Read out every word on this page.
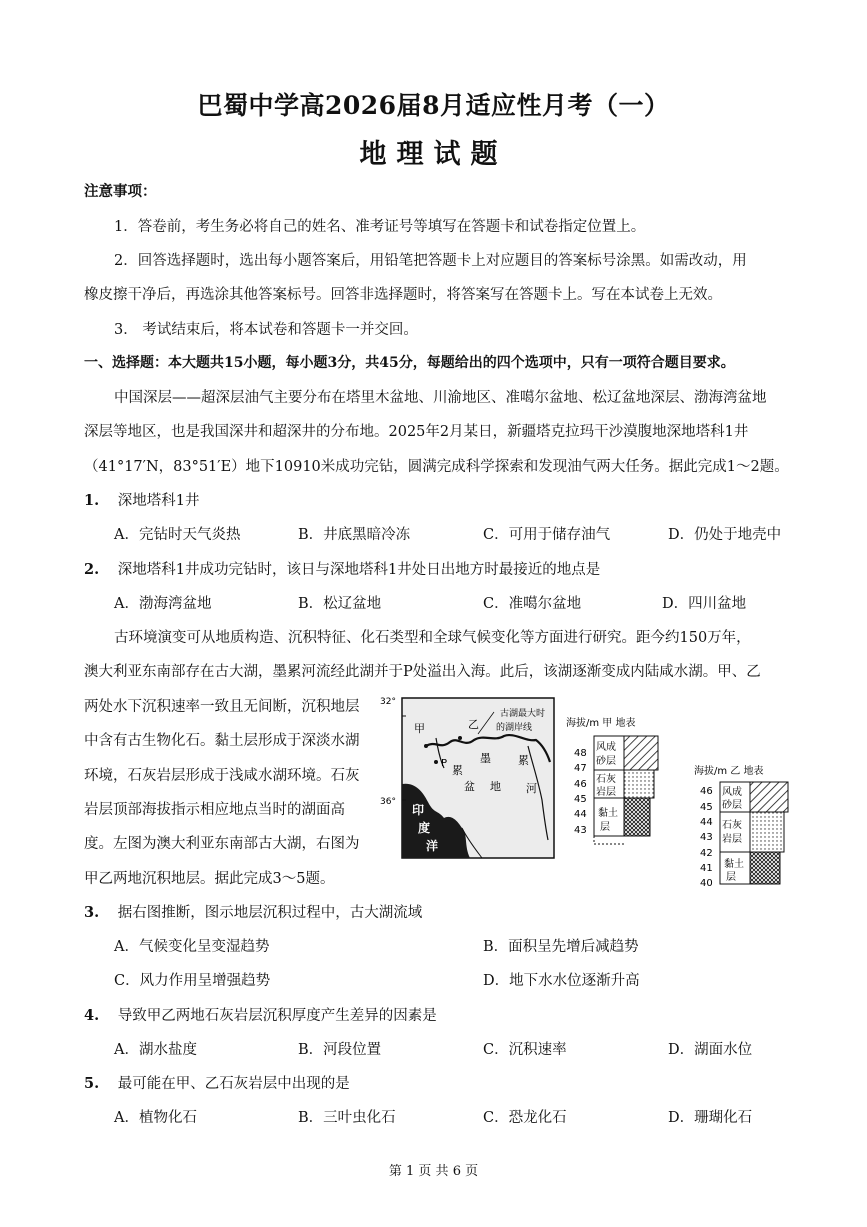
巴蜀中学高2026届8月适应性月考（一）
地理试题
注意事项：
1．答卷前，考生务必将自己的姓名、准考证号等填写在答题卡和试卷指定位置上。
2．回答选择题时，选出每小题答案后，用铅笔把答题卡上对应题目的答案标号涂黑。如需改动，用
橡皮擦干净后，再选涂其他答案标号。回答非选择题时，将答案写在答题卡上。写在本试卷上无效。
3． 考试结束后，将本试卷和答题卡一并交回。
一、选择题：本大题共15小题，每小题3分，共45分，每题给出的四个选项中，只有一项符合题目要求。
中国深层——超深层油气主要分布在塔里木盆地、川渝地区、准噶尔盆地、松辽盆地深层、渤海湾盆地
深层等地区，也是我国深井和超深井的分布地。2025年2月某日，新疆塔克拉玛干沙漠腹地深地塔科1井
（41°17′N，83°51′E）地下10910米成功完钻，圆满完成科学探索和发现油气两大任务。据此完成1～2题。
1. 深地塔科1井
A．完钻时天气炎热	B．井底黑暗冷冻	C．可用于储存油气	D．仍处于地壳中
2. 深地塔科1井成功完钻时，该日与深地塔科1井处日出地方时最接近的地点是
A．渤海湾盆地	B．松辽盆地	C．准噶尔盆地	D．四川盆地
古环境演变可从地质构造、沉积特征、化石类型和全球气候变化等方面进行研究。距今约150万年，
澳大利亚东南部存在古大湖，墨累河流经此湖并于P处溢出入海。此后，该湖逐渐变成内陆咸水湖。甲、乙
两处水下沉积速率一致且无间断，沉积地层
中含有古生物化石。黏土层形成于深淡水湖
环境，石灰岩层形成于浅咸水湖环境。石灰
岩层顶部海拔指示相应地点当时的湖面高
度。左图为澳大利亚东南部古大湖，右图为
甲乙两地沉积地层。据此完成3～5题。
32°
36°
甲	乙
P
古湖最大时
的湖岸线
墨 累
河
累
盆 地
印
度
洋
海拔/m 甲 地表
48
47
46
45
44
43
风成
砂层
石灰
岩层
黏土
层
海拔/m 乙 地表
46
45
44
43
42
41
40
风成
砂层
石灰
岩层
黏土
层
3. 据右图推断，图示地层沉积过程中，古大湖流域
A．气候变化呈变湿趋势	B．面积呈先增后减趋势
C．风力作用呈增强趋势	D．地下水水位逐渐升高
4. 导致甲乙两地石灰岩层沉积厚度产生差异的因素是
A．湖水盐度	B．河段位置	C．沉积速率	D．湖面水位
5. 最可能在甲、乙石灰岩层中出现的是
A．植物化石	B．三叶虫化石	C．恐龙化石	D．珊瑚化石
第 1 页 共 6 页
